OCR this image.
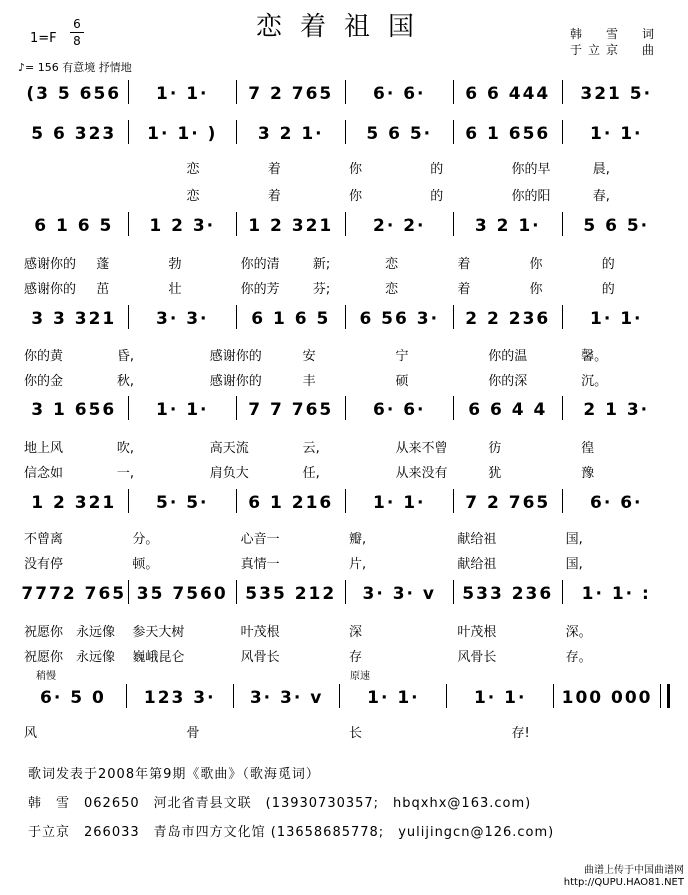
恋着祖国
1=F
6
8	韩　雪　词
于立京　曲
♪= 156 有意境 抒情地
(3 5 656	1· 1·	7 2 765	6· 6·	6 6 444	321 5·
5 6 323	1· 1· )	3 2 1·	5 6 5·	6 1 656	1· 1·
6 1 6 5	1 2 3·	1 2 321	2· 2·	3 2 1·	5 6 5·
3 3 321	3· 3·	6 1 6 5	6 56 3·	2 2 236	1· 1·
3 1 656	1· 1·	7 7 765	6· 6·	6 6 4 4	2 1 3·
1 2 321	5· 5·	6 1 216	1· 1·	7 2 765	6· 6·
7772 765 35 7560	535 212	3· 3· v	533 236	1· 1· :
6· 5 0	123 3·	3· 3· v	1· 1·	1· 1·	100 000
恋	着	你	的	你的早	晨,
恋	着	你	的	你的阳	春,
感谢你的	蓬	勃	你的清	新;	恋	着	你	的
感谢你的	茁	壮	你的芳	芬;	恋	着	你	的
你的黄	昏,	感谢你的	安	宁	你的温	馨。
你的金	秋,	感谢你的	丰	硕	你的深	沉。
地上风	吹,	高天流	云,	从来不曾	彷	徨
信念如	一,	肩负大	任,	从来没有	犹	豫
不曾离	分。	心音一	瓣,	献给祖	国,
没有停	顿。	真情一	片,	献给祖	国,
祝愿你　永远像	参天大树	叶茂根	深	叶茂根	深。
祝愿你　永远像	巍峨昆仑	风骨长	存	风骨长	存。
风	骨	长	存!
稍慢	原速
歌词发表于2008年第9期《歌曲》（歌海觅词）
韩　雪　062650　河北省青县文联　(13930730357;　hbqxhx@163.com)
于立京　266033　青岛市四方文化馆 (13658685778;　yulijingcn@126.com)
曲谱上传于中国曲谱网
http://QUPU.HAO81.NET
